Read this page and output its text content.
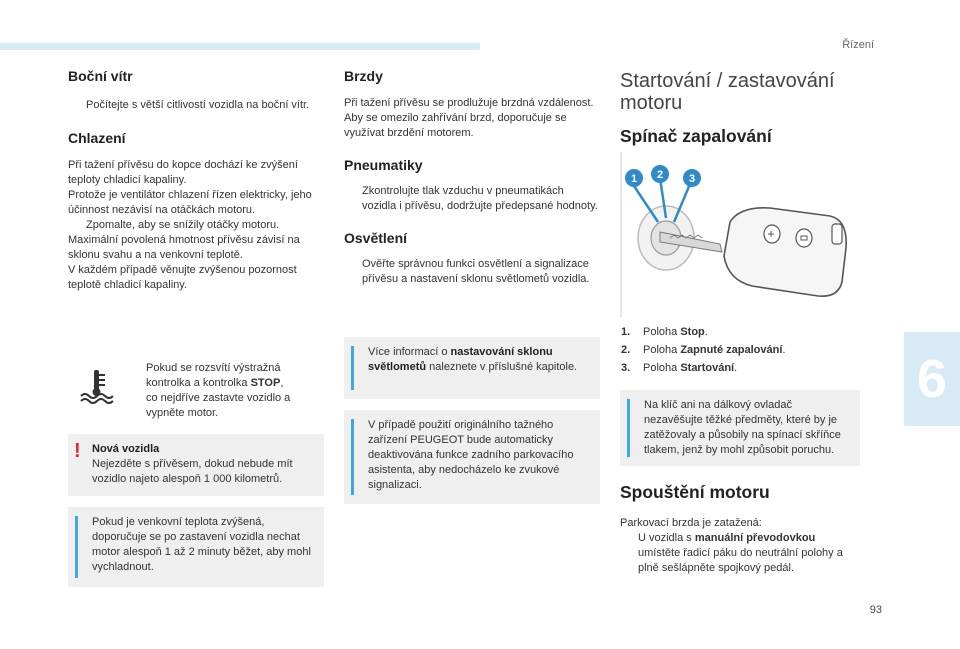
Řízení
6
93
Boční vítr
Počítejte s větší citlivostí vozidla na boční vítr.
Chlazení

Při tažení přívěsu do kopce dochází ke zvýšení teploty chladicí kapaliny.

Protože je ventilátor chlazení řízen elektricky, jeho účinnost nezávisí na otáčkách motoru.

Zpomalte, aby se snížily otáčky motoru.

Maximální povolená hmotnost přívěsu závisí na sklonu svahu a na venkovní teplotě.

V každém případě věnujte zvýšenou pozornost teplotě chladicí kapaliny.

Pokud se rozsvítí výstražná kontrolka a kontrolka STOP,
co nejdříve zastavte vozidlo a vypněte motor.
! Nová vozidla
Nejezděte s přívěsem, dokud nebude mít vozidlo najeto alespoň 1 000 kilometrů.
Pokud je venkovní teplota zvýšená, doporučuje se po zastavení vozidla nechat motor alespoň 1 až 2 minuty běžet, aby mohl vychladnout.
Brzdy

Při tažení přívěsu se prodlužuje brzdná vzdálenost.

Aby se omezilo zahřívání brzd, doporučuje se využívat brzdění motorem.

Pneumatiky
Zkontrolujte tlak vzduchu v pneumatikách vozidla i přívěsu, dodržujte předepsané hodnoty.
Osvětlení
Ověřte správnou funkci osvětlení a signalizace přívěsu a nastavení sklonu světlometů vozidla.
Více informací o nastavování sklonu světlometů naleznete v příslušné kapitole.
V případě použití originálního tažného zařízení PEUGEOT bude automaticky deaktivována funkce zadního parkovacího asistenta, aby nedocházelo ke zvukové signalizaci.
Startování / zastavování motoru
Spínač zapalování
1 2 3
1. Poloha Stop.
2. Poloha Zapnuté zapalování.
3. Poloha Startování.
Na klíč ani na dálkový ovladač nezavěšujte těžké předměty, které by je zatěžovaly a působily na spínací skříňce tlakem, jenž by mohl způsobit poruchu.
Spouštění motoru

Parkovací brzda je zatažená:

U vozidla s manuální převodovkou umístěte řadicí páku do neutrální polohy a plně sešlápněte spojkový pedál.
